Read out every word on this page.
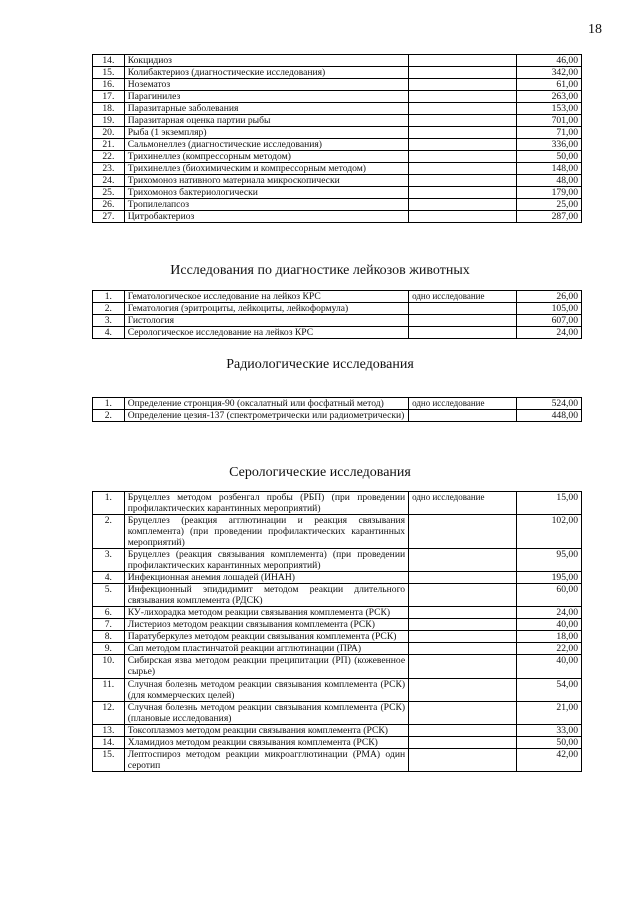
18
14.	Кокцидиоз		46,00
15.	Колибактериоз (диагностические исследования)		342,00
16.	Нозематоз		61,00
17.	Парагинилез		263,00
18.	Паразитарные заболевания		153,00
19.	Паразитарная оценка партии рыбы		701,00
20.	Рыба (1 экземпляр)		71,00
21.	Сальмонеллез (диагностические исследования)		336,00
22.	Трихинеллез (компрессорным методом)		50,00
23.	Трихинеллез (биохимическим и компрессорным методом)		148,00
24.	Трихомоноз нативного материала микроскопически		48,00
25.	Трихомоноз бактериологически		179,00
26.	Тропилелапсоз		25,00
27.	Цитробактериоз		287,00
Исследования по диагностике лейкозов животных
1.	Гематологическое исследование на лейкоз КРС	одно исследование	26,00
2.	Гематология (эритроциты, лейкоциты, лейкоформула)		105,00
3.	Гистология		607,00
4.	Серологическое исследование на лейкоз КРС		24,00
Радиологические исследования
1.	Определение стронция-90 (оксалатный или фосфатный метод)	одно исследование	524,00
2.	Определение цезия-137 (спектрометрически или радиометрически)		448,00
Серологические исследования
1.	Бруцеллез методом розбенгал пробы (РБП) (при проведении профилактических карантинных мероприятий)	одно исследование	15,00
2.	Бруцеллез (реакция агглютинации и реакция связывания комплемента) (при проведении профилактических карантинных мероприятий)		102,00
3.	Бруцеллез (реакция связывания комплемента) (при проведении профилактических карантинных мероприятий)		95,00
4.	Инфекционная анемия лошадей (ИНАН)		195,00
5.	Инфекционный эпидидимит методом реакции длительного связывания комплемента (РДСК)		60,00
6.	КУ-лихорадка методом реакции связывания комплемента (РСК)		24,00
7.	Листериоз методом реакции связывания комплемента (РСК)		40,00
8.	Паратуберкулез методом реакции связывания комплемента (РСК)		18,00
9.	Сап методом пластинчатой реакции агглютинации (ПРА)		22,00
10.	Сибирская язва методом реакции преципитации (РП) (кожевенное сырье)		40,00
11.	Случная болезнь методом реакции связывания комплемента (РСК) (для коммерческих целей)		54,00
12.	Случная болезнь методом реакции связывания комплемента (РСК) (плановые исследования)		21,00
13.	Токсоплазмоз методом реакции связывания комплемента (РСК)		33,00
14.	Хламидиоз методом реакции связывания комплемента (РСК)		50,00
15.	Лептоспироз методом реакции микроагглютинации (РМА) один серотип		42,00
